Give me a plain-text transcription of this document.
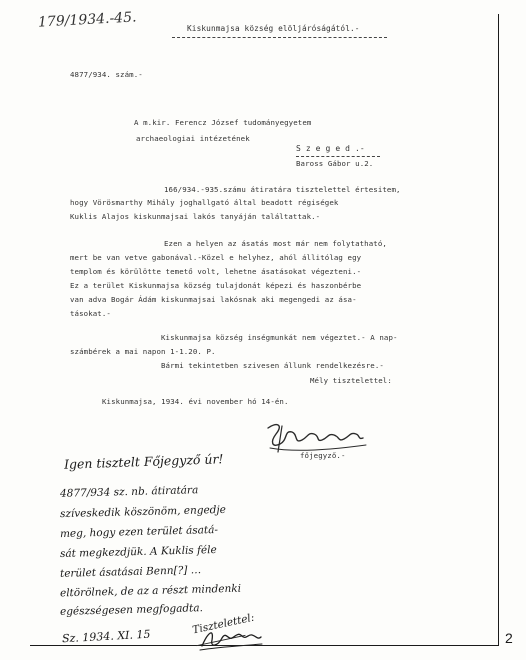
179/1934.-45.	Kiskunmajsa község elöljáróságától.-
4877/934. szám.-
A m.kir. Ferencz József tudományegyetem
archaeologiai intézetének
S z e g e d .-
Baross Gábor u.2.
166/934.-935.számu átiratára tisztelettel értesitem,
hogy Vörösmarthy Mihály joghallgató által beadott régiségek
Kuklis Alajos kiskunmajsai lakós tanyáján találtattak.-
Ezen a helyen az ásatás most már nem folytatható,
mert be van vetve gabonával.-Közel e helyhez, ahól állitólag egy
templom és körülötte temető volt, lehetne ásatásokat végezteni.-
Ez a terület Kiskunmajsa község tulajdonát képezi és haszonbérbe
van adva Bogár Ádám kiskunmajsai lakósnak aki megengedi az ása-
tásokat.-
Kiskunmajsa község inségmunkát nem végeztet.- A nap-
számbérek a mai napon 1-1.20. P.
Bármi tekintetben szivesen állunk rendelkezésre.-
Mély tisztelettel:
Kiskunmajsa, 1934. évi november hó 14-én.
főjegyző.-
Igen tisztelt Főjegyző úr!
4877/934 sz. nb. átiratára
szíveskedik köszönöm, engedje
meg, hogy ezen terület ásatá-
sát megkezdjük. A Kuklis féle
terület ásatásai Benn[?] …
eltörölnek, de az a részt mindenki
egészségesen megfogadta.
Sz. 1934. XI. 15
Tisztelettel:
2
